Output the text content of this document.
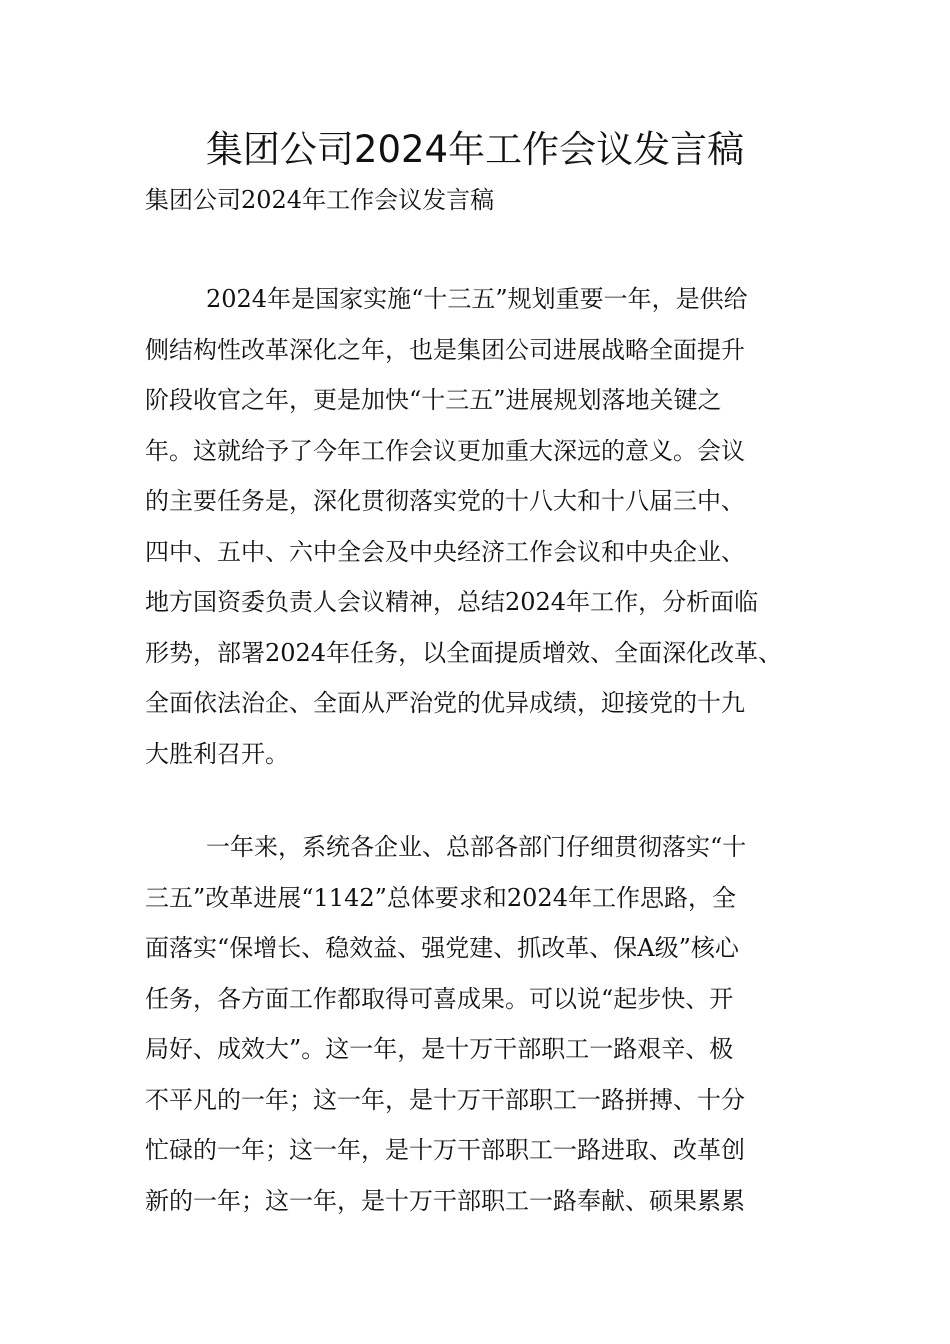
集团公司2024年工作会议发言稿

集团公司2024年工作会议发言稿

2024年是国家实施“十三五”规划重要一年，是供给
侧结构性改革深化之年，也是集团公司进展战略全面提升
阶段收官之年，更是加快“十三五”进展规划落地关键之
年。这就给予了今年工作会议更加重大深远的意义。会议
的主要任务是，深化贯彻落实党的十八大和十八届三中、
四中、五中、六中全会及中央经济工作会议和中央企业、
地方国资委负责人会议精神，总结2024年工作，分析面临
形势，部署2024年任务，以全面提质增效、全面深化改革、
全面依法治企、全面从严治党的优异成绩，迎接党的十九
大胜利召开。
一年来，系统各企业、总部各部门仔细贯彻落实“十
三五”改革进展“1142”总体要求和2024年工作思路，全
面落实“保增长、稳效益、强党建、抓改革、保A级”核心
任务，各方面工作都取得可喜成果。可以说“起步快、开
局好、成效大”。这一年，是十万干部职工一路艰辛、极
不平凡的一年；这一年，是十万干部职工一路拼搏、十分
忙碌的一年；这一年，是十万干部职工一路进取、改革创
新的一年；这一年，是十万干部职工一路奉献、硕果累累
